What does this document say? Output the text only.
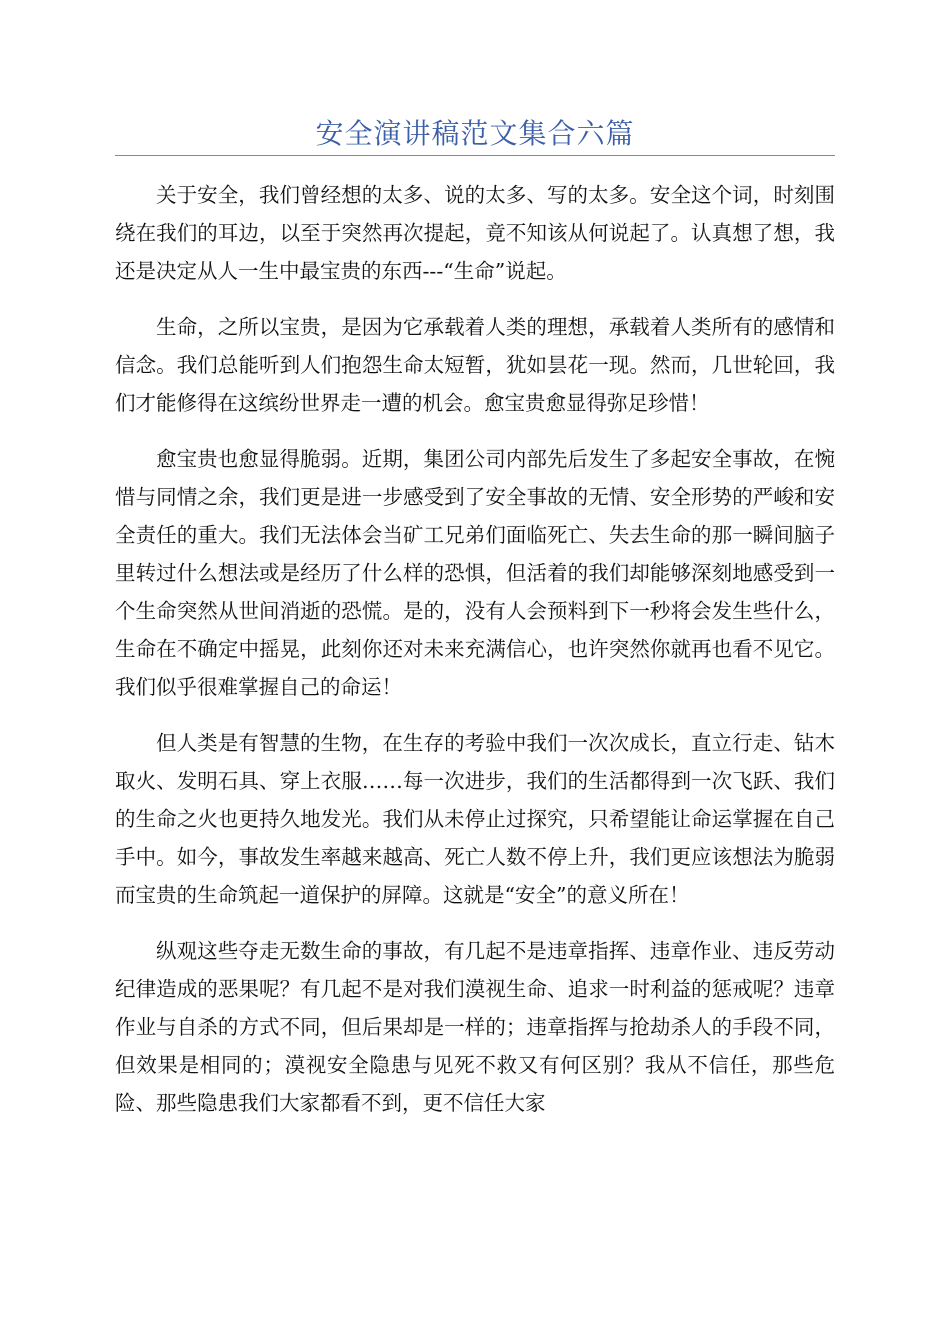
安全演讲稿范文集合六篇

关于安全，我们曾经想的太多、说的太多、写的太多。安全这个词，时刻围绕在我们的耳边，以至于突然再次提起，竟不知该从何说起了。认真想了想，我还是决定从人一生中最宝贵的东西---“生命”说起。

生命，之所以宝贵，是因为它承载着人类的理想，承载着人类所有的感情和信念。我们总能听到人们抱怨生命太短暂，犹如昙花一现。然而，几世轮回，我们才能修得在这缤纷世界走一遭的机会。愈宝贵愈显得弥足珍惜！

愈宝贵也愈显得脆弱。近期，集团公司内部先后发生了多起安全事故，在惋惜与同情之余，我们更是进一步感受到了安全事故的无情、安全形势的严峻和安全责任的重大。我们无法体会当矿工兄弟们面临死亡、失去生命的那一瞬间脑子里转过什么想法或是经历了什么样的恐惧，但活着的我们却能够深刻地感受到一个生命突然从世间消逝的恐慌。是的，没有人会预料到下一秒将会发生些什么，生命在不确定中摇晃，此刻你还对未来充满信心，也许突然你就再也看不见它。我们似乎很难掌握自己的命运！

但人类是有智慧的生物，在生存的考验中我们一次次成长，直立行走、钻木取火、发明石具、穿上衣服……每一次进步，我们的生活都得到一次飞跃、我们的生命之火也更持久地发光。我们从未停止过探究，只希望能让命运掌握在自己手中。如今，事故发生率越来越高、死亡人数不停上升，我们更应该想法为脆弱而宝贵的生命筑起一道保护的屏障。这就是“安全”的意义所在！

纵观这些夺走无数生命的事故，有几起不是违章指挥、违章作业、违反劳动纪律造成的恶果呢？有几起不是对我们漠视生命、追求一时利益的惩戒呢？违章作业与自杀的方式不同，但后果却是一样的；违章指挥与抢劫杀人的手段不同，但效果是相同的；漠视安全隐患与见死不救又有何区别？我从不信任，那些危险、那些隐患我们大家都看不到，更不信任大家
